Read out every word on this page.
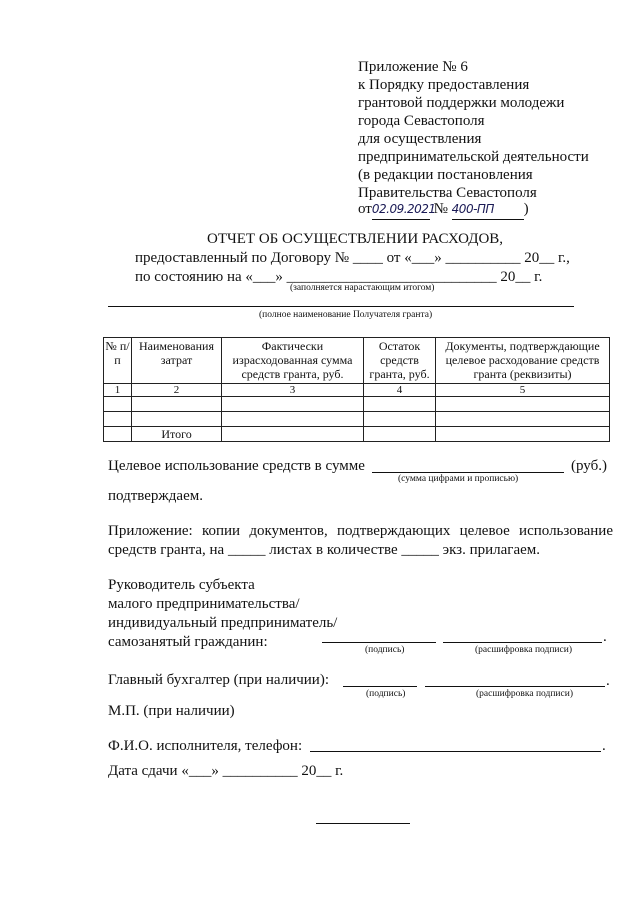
Приложение № 6
к Порядку предоставления
грантовой поддержки молодежи
города Севастополя
для осуществления
предпринимательской деятельности
(в редакции постановления
Правительства Севастополя
от02.09.2021 № 400-ПП )
ОТЧЕТ ОБ ОСУЩЕСТВЛЕНИИ РАСХОДОВ,
предоставленный по Договору № ____ от «___» __________ 20__ г.,
по состоянию на «___» ____________________________ 20__ г.
(заполняется нарастающим итогом)
(полное наименование Получателя гранта)
№ п/п	Наименования затрат	Фактически израсходованная сумма средств гранта, руб.	Остаток средств гранта, руб.	Документы, подтверждающие целевое расходование средств гранта (реквизиты)
1	2	3	4	5

	Итого			
Целевое использование средств в сумме	(руб.)
(сумма цифрами и прописью)
подтверждаем.
Приложение: копии документов, подтверждающих целевое использование
средств гранта, на _____ листах в количестве _____ экз. прилагаем.
Руководитель субъекта
малого предпринимательства/
индивидуальный предприниматель/
самозанятый гражданин:	.
(подпись)	(расшифровка подписи)
Главный бухгалтер (при наличии):	.
(подпись)	(расшифровка подписи)
М.П. (при наличии)
Ф.И.О. исполнителя, телефон:	.
Дата сдачи «___» __________ 20__ г.
